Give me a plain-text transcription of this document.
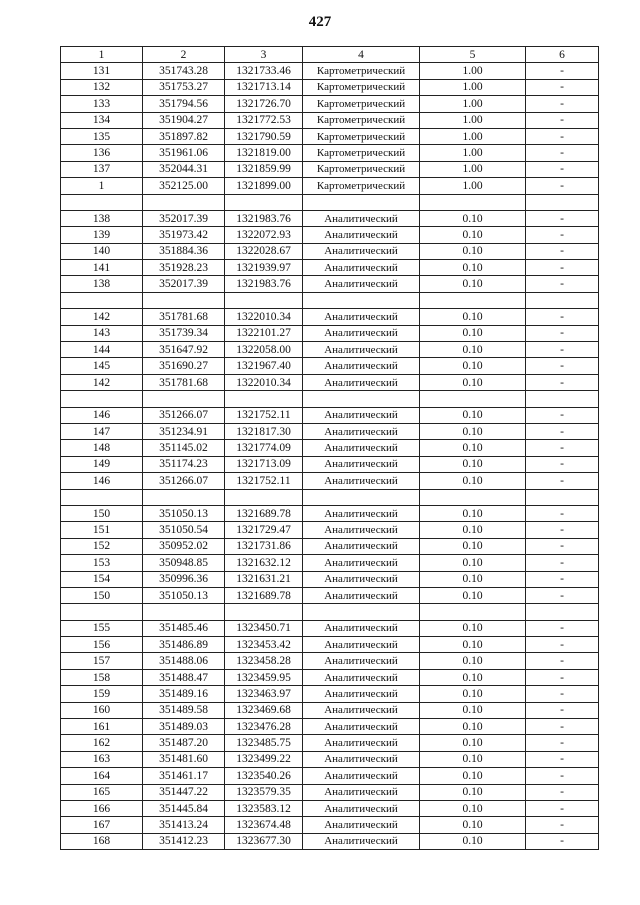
427
1	2	3	4	5	6
131	351743.28	1321733.46	Картометрический	1.00	-
132	351753.27	1321713.14	Картометрический	1.00	-
133	351794.56	1321726.70	Картометрический	1.00	-
134	351904.27	1321772.53	Картометрический	1.00	-
135	351897.82	1321790.59	Картометрический	1.00	-
136	351961.06	1321819.00	Картометрический	1.00	-
137	352044.31	1321859.99	Картометрический	1.00	-
1	352125.00	1321899.00	Картометрический	1.00	-

138	352017.39	1321983.76	Аналитический	0.10	-
139	351973.42	1322072.93	Аналитический	0.10	-
140	351884.36	1322028.67	Аналитический	0.10	-
141	351928.23	1321939.97	Аналитический	0.10	-
138	352017.39	1321983.76	Аналитический	0.10	-

142	351781.68	1322010.34	Аналитический	0.10	-
143	351739.34	1322101.27	Аналитический	0.10	-
144	351647.92	1322058.00	Аналитический	0.10	-
145	351690.27	1321967.40	Аналитический	0.10	-
142	351781.68	1322010.34	Аналитический	0.10	-

146	351266.07	1321752.11	Аналитический	0.10	-
147	351234.91	1321817.30	Аналитический	0.10	-
148	351145.02	1321774.09	Аналитический	0.10	-
149	351174.23	1321713.09	Аналитический	0.10	-
146	351266.07	1321752.11	Аналитический	0.10	-

150	351050.13	1321689.78	Аналитический	0.10	-
151	351050.54	1321729.47	Аналитический	0.10	-
152	350952.02	1321731.86	Аналитический	0.10	-
153	350948.85	1321632.12	Аналитический	0.10	-
154	350996.36	1321631.21	Аналитический	0.10	-
150	351050.13	1321689.78	Аналитический	0.10	-

155	351485.46	1323450.71	Аналитический	0.10	-
156	351486.89	1323453.42	Аналитический	0.10	-
157	351488.06	1323458.28	Аналитический	0.10	-
158	351488.47	1323459.95	Аналитический	0.10	-
159	351489.16	1323463.97	Аналитический	0.10	-
160	351489.58	1323469.68	Аналитический	0.10	-
161	351489.03	1323476.28	Аналитический	0.10	-
162	351487.20	1323485.75	Аналитический	0.10	-
163	351481.60	1323499.22	Аналитический	0.10	-
164	351461.17	1323540.26	Аналитический	0.10	-
165	351447.22	1323579.35	Аналитический	0.10	-
166	351445.84	1323583.12	Аналитический	0.10	-
167	351413.24	1323674.48	Аналитический	0.10	-
168	351412.23	1323677.30	Аналитический	0.10	-
